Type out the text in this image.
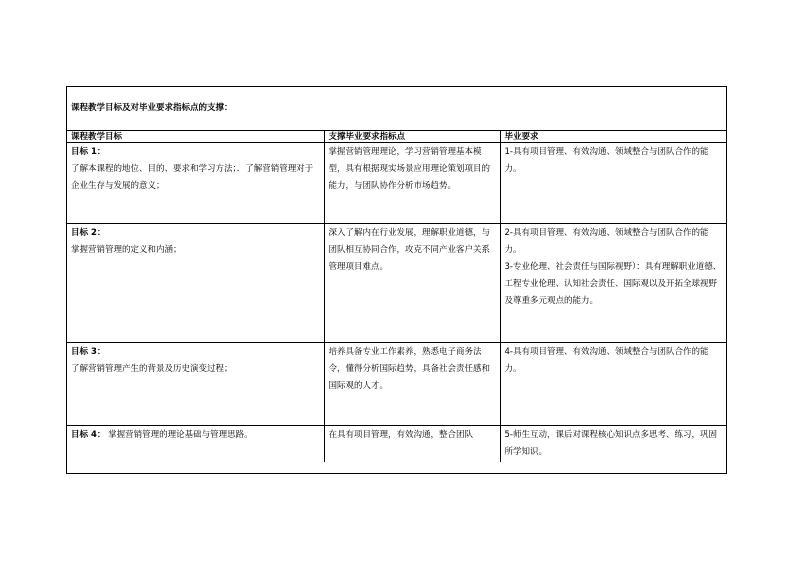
课程教学目标及对毕业要求指标点的支撑：
课程教学目标	支撑毕业要求指标点	毕业要求
目标 1：
了解本课程的地位、目的、要求和学习方法；．了解营销管理对于企业生存与发展的意义；	掌握营销管理理论，学习营销管理基本模型，具有根据现实场景应用理论策划项目的能力，与团队协作分析市场趋势。	1-具有项目管理、有效沟通、领域整合与团队合作的能力。

目标 2：
掌握营销管理的定义和内涵；	深入了解内在行业发展，理解职业道德，与团队相互协同合作，攻克不同产业客户关系管理项目难点。	2-具有项目管理、有效沟通、领域整合与团队合作的能力。
3-专业伦理、社会责任与国际视野）：具有理解职业道德、工程专业伦理、认知社会责任、国际观以及开拓全球视野及尊重多元观点的能力。

目标 3：
了解营销管理产生的背景及历史演变过程；	培养具备专业工作素养，熟悉电子商务法令，懂得分析国际趋势，具备社会责任感和国际观的人才。	4-具有项目管理、有效沟通、领域整合与团队合作的能力。

目标 4： 掌握营销管理的理论基础与管理思路。	在具有项目管理，有效沟通，整合团队	5-师生互动，课后对课程核心知识点多思考、练习，巩固所学知识。
